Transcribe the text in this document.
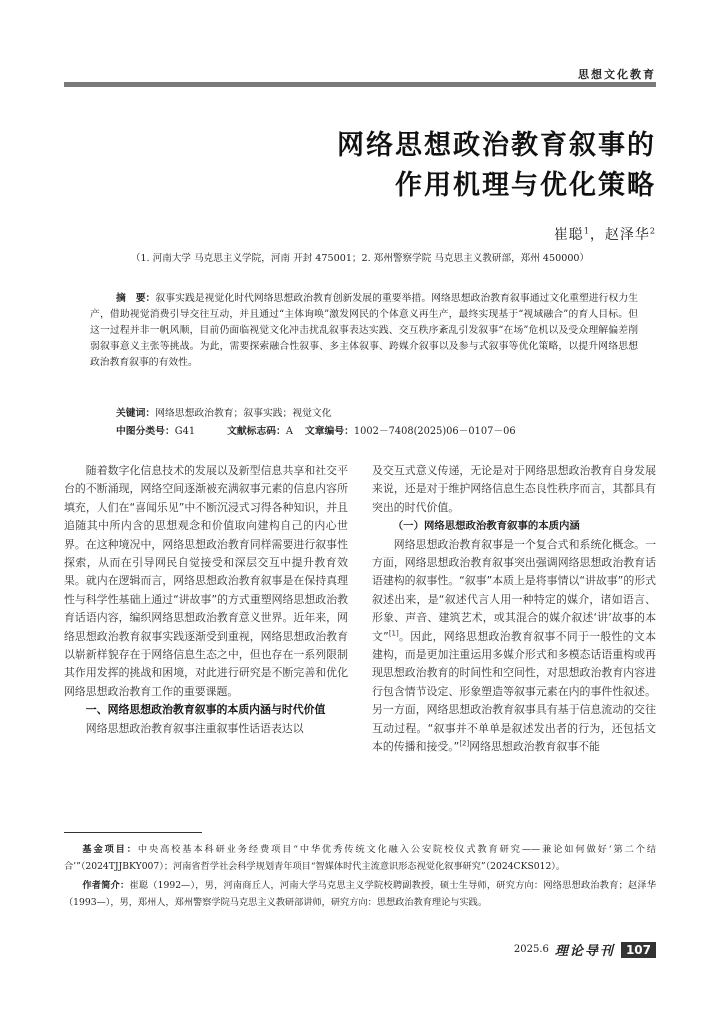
思想文化教育
网络思想政治教育叙事的
作用机理与优化策略
崔聪$^1$，赵泽华$^2$
（1. 河南大学 马克思主义学院，河南 开封 475001；2. 郑州警察学院 马克思主义教研部，郑州 450000）
摘　要：叙事实践是视觉化时代网络思想政治教育创新发展的重要举措。网络思想政治教育叙事通过文化重塑进行权力生产，借助视觉消费引导交往互动，并且通过“主体询唤”激发网民的个体意义再生产，最终实现基于“视域融合”的育人目标。但这一过程并非一帆风顺，目前仍面临视觉文化冲击扰乱叙事表达实践、交互秩序紊乱引发叙事“在场”危机以及受众理解偏差削弱叙事意义主张等挑战。为此，需要探索融合性叙事、多主体叙事、跨媒介叙事以及参与式叙事等优化策略，以提升网络思想政治教育叙事的有效性。
关键词：网络思想政治教育；叙事实践；视觉文化
中图分类号：G41	文献标志码：A 文章编号：1002－7408(2025)06－0107－06

随着数字化信息技术的发展以及新型信息共享和社交平台的不断涌现，网络空间逐渐被充满叙事元素的信息内容所填充，人们在“喜闻乐见”中不断沉浸式习得各种知识，并且追随其中所内含的思想观念和价值取向建构自己的内心世界。在这种境况中，网络思想政治教育同样需要进行叙事性探索，从而在引导网民自觉接受和深层交互中提升教育效果。就内在逻辑而言，网络思想政治教育叙事是在保持真理性与科学性基础上通过“讲故事”的方式重塑网络思想政治教育话语内容，编织网络思想政治教育意义世界。近年来，网络思想政治教育叙事实践逐渐受到重视，网络思想政治教育以崭新样貌存在于网络信息生态之中，但也存在一系列限制其作用发挥的挑战和困境，对此进行研究是不断完善和优化网络思想政治教育工作的重要课题。

一、网络思想政治教育叙事的本质内涵与时代价值

网络思想政治教育叙事注重叙事性话语表达以

及交互式意义传递，无论是对于网络思想政治教育自身发展来说，还是对于维护网络信息生态良性秩序而言，其都具有突出的时代价值。

（一）网络思想政治教育叙事的本质内涵

网络思想政治教育叙事是一个复合式和系统化概念。一方面，网络思想政治教育叙事突出强调网络思想政治教育话语建构的叙事性。“叙事”本质上是将事情以“讲故事”的形式叙述出来，是“叙述代言人用一种特定的媒介，诸如语言、形象、声音、建筑艺术，或其混合的媒介叙述‘讲’故事的本文”[1]。因此，网络思想政治教育叙事不同于一般性的文本建构，而是更加注重运用多媒介形式和多模态话语重构或再现思想政治教育的时间性和空间性，对思想政治教育内容进行包含情节设定、形象塑造等叙事元素在内的事件性叙述。另一方面，网络思想政治教育叙事具有基于信息流动的交往互动过程。“叙事并不单单是叙述发出者的行为，还包括文本的传播和接受。”[2]网络思想政治教育叙事不能

基金项目：中央高校基本科研业务经费项目“中华优秀传统文化融入公安院校仪式教育研究——兼论如何做好‘第二个结合’”（2024TJJBKY007）；河南省哲学社会科学规划青年项目“智媒体时代主流意识形态视觉化叙事研究”（2024CKS012）。

作者简介：崔聪（1992—），男，河南商丘人，河南大学马克思主义学院校聘副教授，硕士生导师，研究方向：网络思想政治教育；赵泽华（1993—），男，郑州人，郑州警察学院马克思主义教研部讲师，研究方向：思想政治教育理论与实践。

2025.6 理论导刊 107
